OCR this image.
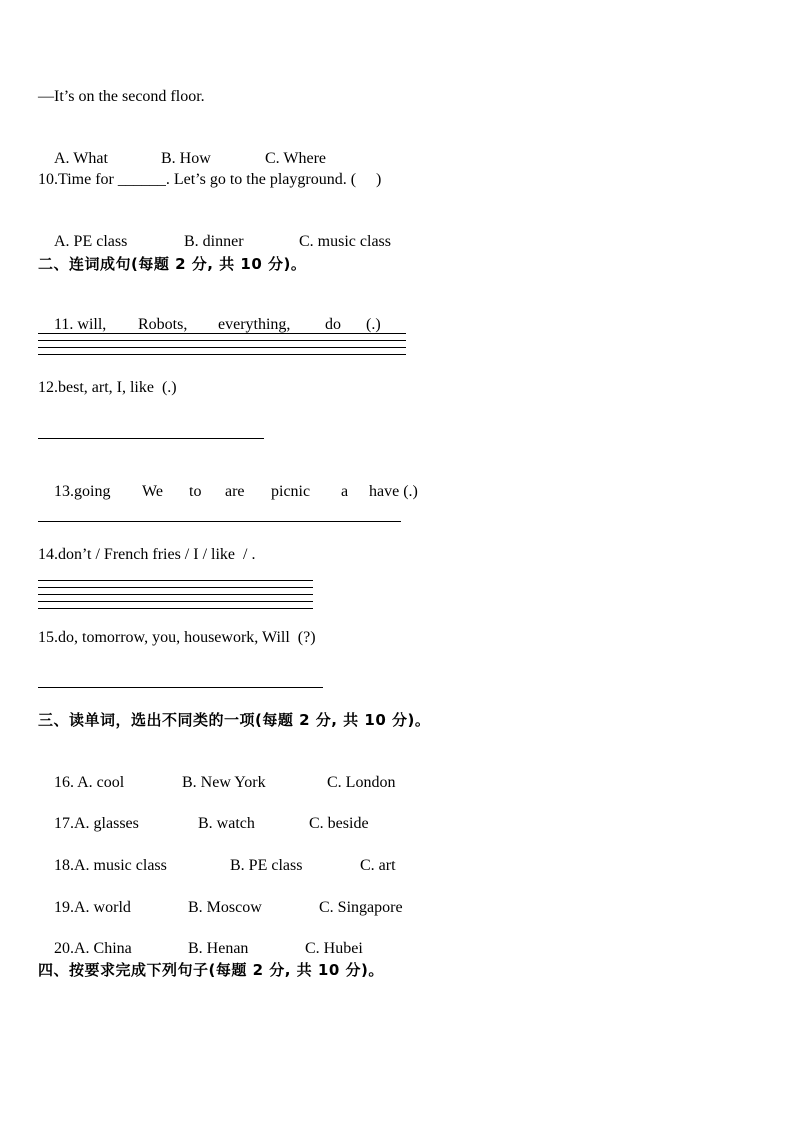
—It’s on the second floor.

A. What	B. How	C. Where

10.Time for ______. Let’s go to the playground. (     )

A. PE class	B. dinner	C. music class

二、连词成句(每题 2 分, 共 10 分)。

11. will, Robots, everything, do (.)

12.best, art, I, like  (.)

13.going We to are picnic a have (.)

14.don’t / French fries / I / like  / .
15.do, tomorrow, you, housework, Will  (?)
三、读单词，选出不同类的一项(每题 2 分, 共 10 分)。

16. A. cool	B. New York	C. London

17.A. glasses	B. watch	C. beside

18.A. music class	B. PE class	C. art

19.A. world	B. Moscow	C. Singapore

20.A. China	B. Henan	C. Hubei

四、按要求完成下列句子(每题 2 分, 共 10 分)。
